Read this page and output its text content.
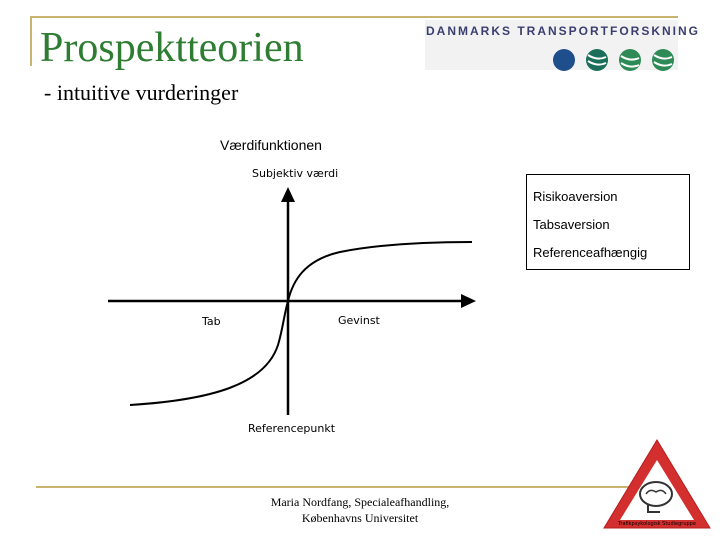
Prospektteorien
- intuitive vurderinger
DANMARKS TRANSPORTFORSKNING
Værdifunktionen
Subjektiv værdi
Tab	Gevinst
Referencepunkt
Risikoaversion
Tabsaversion
Referenceafhængig
Maria Nordfang, Specialeafhandling,
Københavns Universitet	Trafikpsykologisk Studiegruppe
